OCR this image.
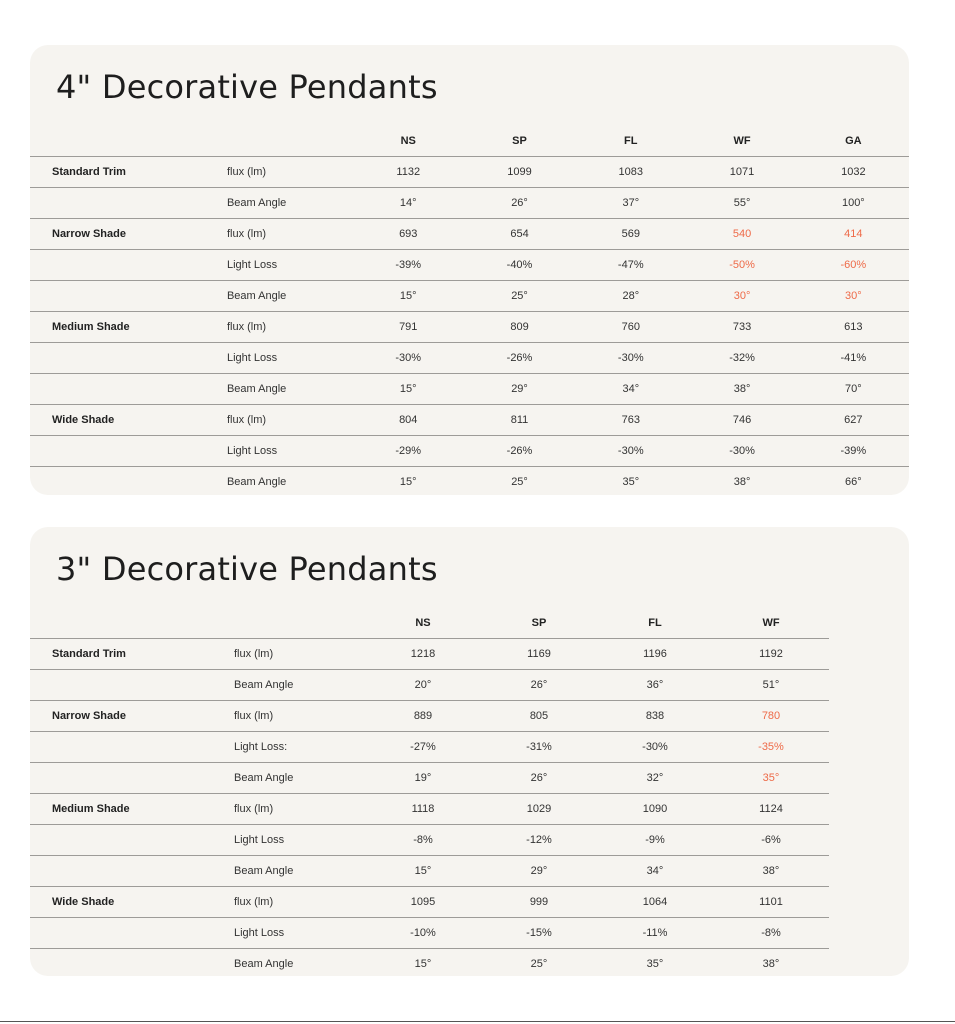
4" Decorative Pendants
		NS	SP	FL	WF	GA
Standard Trim	flux (lm)	1132	1099	1083	1071	1032
	Beam Angle	14°	26°	37°	55°	100°
Narrow Shade	flux (lm)	693	654	569	540	414
	Light Loss	-39%	-40%	-47%	-50%	-60%
	Beam Angle	15°	25°	28°	30°	30°
Medium Shade	flux (lm)	791	809	760	733	613
	Light Loss	-30%	-26%	-30%	-32%	-41%
	Beam Angle	15°	29°	34°	38°	70°
Wide Shade	flux (lm)	804	811	763	746	627
	Light Loss	-29%	-26%	-30%	-30%	-39%
	Beam Angle	15°	25°	35°	38°	66°
3" Decorative Pendants
		NS	SP	FL	WF
Standard Trim	flux (lm)	1218	1169	1196	1192
	Beam Angle	20°	26°	36°	51°
Narrow Shade	flux (lm)	889	805	838	780
	Light Loss:	-27%	-31%	-30%	-35%
	Beam Angle	19°	26°	32°	35°
Medium Shade	flux (lm)	1118	1029	1090	1124
	Light Loss	-8%	-12%	-9%	-6%
	Beam Angle	15°	29°	34°	38°
Wide Shade	flux (lm)	1095	999	1064	1101
	Light Loss	-10%	-15%	-11%	-8%
	Beam Angle	15°	25°	35°	38°
